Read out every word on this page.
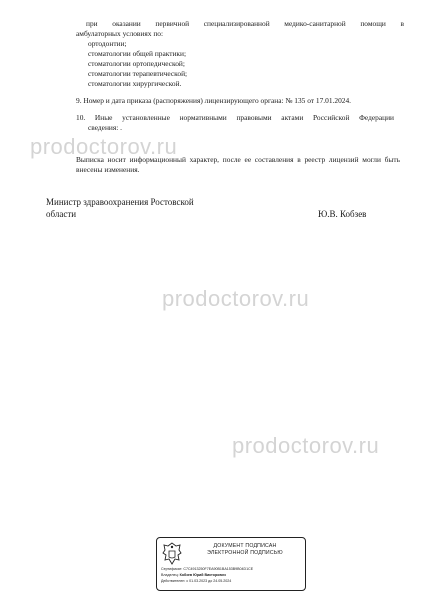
prodoctorov.ru
prodoctorov.ru
prodoctorov.ru
при оказании первичной специализированной медико-санитарной помощи в
амбулаторных условиях по:
ортодонтии;
стоматологии общей практики;
стоматологии ортопедической;
стоматологии терапевтической;
стоматологии хирургической.
9. Номер и дата приказа (распоряжения) лицензирующего органа: № 135 от 17.01.2024.
10. Иные установленные нормативными правовыми актами Российской Федерации
сведения: .
Выписка носит информационный характер, после ее составления в реестр лицензий могли быть
внесены изменения.
Министр здравоохранения Ростовской
области	Ю.В. Кобзев
ДОКУМЕНТ ПОДПИСАН
ЭЛЕКТРОННОЙ ПОДПИСЬЮ
Сертификат: C7C4913250F7EA90B1BA153B9B04D1CE
Владелец: Кобзев Юрий Викторович
Действителен: с 01.03.2023 до 24.05.2024
